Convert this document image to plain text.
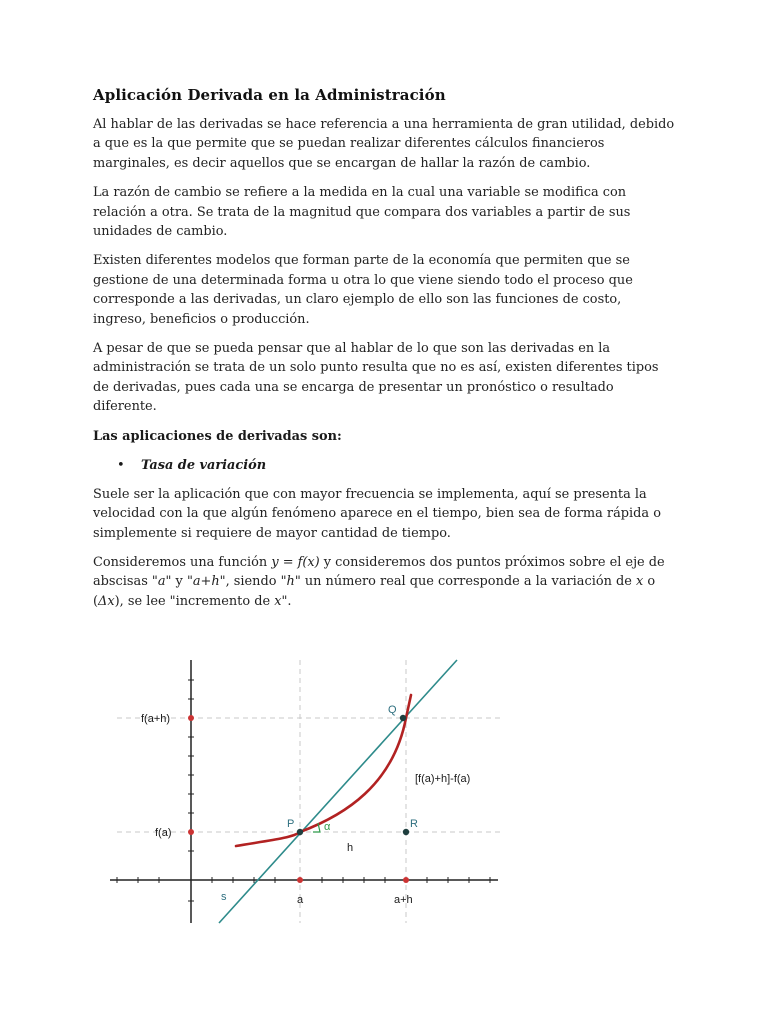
Aplicación Derivada en la Administración

Al hablar de las derivadas se hace referencia a una herramienta de gran utilidad, debido a que es la que permite que se puedan realizar diferentes cálculos financieros marginales, es decir aquellos que se encargan de hallar la razón de cambio.

La razón de cambio se refiere a la medida en la cual una variable se modifica con relación a otra. Se trata de la magnitud que compara dos variables a partir de sus unidades de cambio.

Existen diferentes modelos que forman parte de la economía que permiten que se gestione de una determinada forma u otra lo que viene siendo todo el proceso que corresponde a las derivadas, un claro ejemplo de ello son las funciones de costo, ingreso, beneficios o producción.

A pesar de que se pueda pensar que al hablar de lo que son las derivadas en la administración se trata de un solo punto resulta que no es así, existen diferentes tipos de derivadas, pues cada una se encarga de presentar un pronóstico o resultado diferente.

Las aplicaciones de derivadas son:
•	Tasa de variación

Suele ser la aplicación que con mayor frecuencia se implementa, aquí se presenta la velocidad con la que algún fenómeno aparece en el tiempo, bien sea de forma rápida o simplemente si requiere de mayor cantidad de tiempo.

Consideremos una función y = f(x) y consideremos dos puntos próximos sobre el eje de abscisas "a" y "a+h", siendo "h" un número real que corresponde a la variación de x o (Δx), se lee "incremento de x".

f(a+h)
f(a)
Q
P	R
α
h
[f(a)+h]-f(a)
s	a	a+h
